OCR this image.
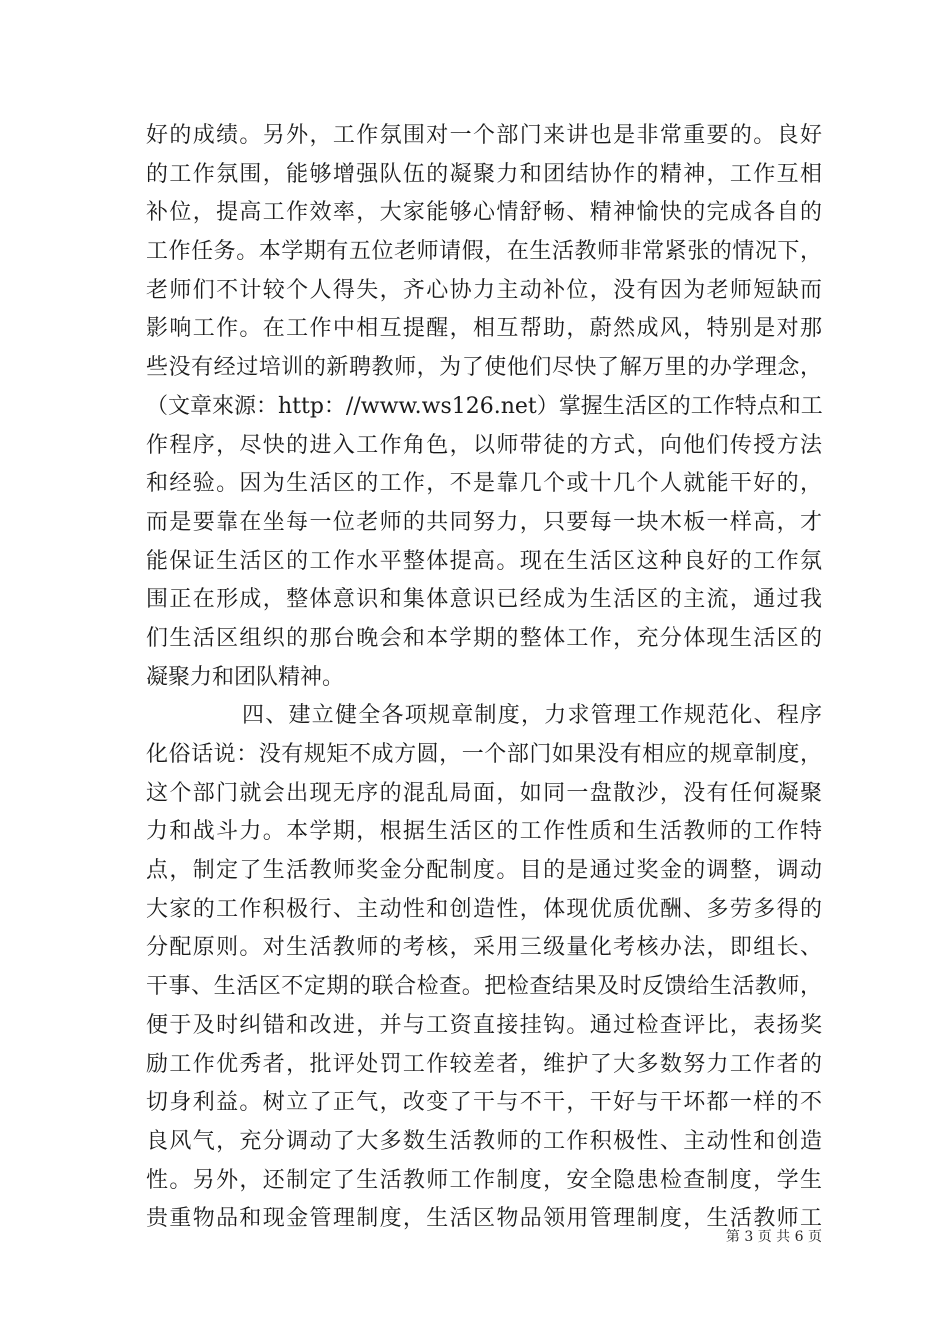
好的成绩。另外，工作氛围对一个部门来讲也是非常重要的。良好
的工作氛围，能够增强队伍的凝聚力和团结协作的精神，工作互相
补位，提高工作效率，大家能够心情舒畅、精神愉快的完成各自的
工作任务。本学期有五位老师请假，在生活教师非常紧张的情况下，
老师们不计较个人得失，齐心协力主动补位，没有因为老师短缺而
影响工作。在工作中相互提醒，相互帮助，蔚然成风，特别是对那
些没有经过培训的新聘教师，为了使他们尽快了解万里的办学理念，
（文章來源：http：//www.ws126.net）掌握生活区的工作特点和工
作程序，尽快的进入工作角色，以师带徒的方式，向他们传授方法
和经验。因为生活区的工作，不是靠几个或十几个人就能干好的，
而是要靠在坐每一位老师的共同努力，只要每一块木板一样高，才
能保证生活区的工作水平整体提高。现在生活区这种良好的工作氛
围正在形成，整体意识和集体意识已经成为生活区的主流，通过我
们生活区组织的那台晚会和本学期的整体工作，充分体现生活区的
凝聚力和团队精神。
四、建立健全各项规章制度，力求管理工作规范化、程序
化俗话说：没有规矩不成方圆，一个部门如果没有相应的规章制度，
这个部门就会出现无序的混乱局面，如同一盘散沙，没有任何凝聚
力和战斗力。本学期，根据生活区的工作性质和生活教师的工作特
点，制定了生活教师奖金分配制度。目的是通过奖金的调整，调动
大家的工作积极行、主动性和创造性，体现优质优酬、多劳多得的
分配原则。对生活教师的考核，采用三级量化考核办法，即组长、
干事、生活区不定期的联合检查。把检查结果及时反馈给生活教师，
便于及时纠错和改进，并与工资直接挂钩。通过检查评比，表扬奖
励工作优秀者，批评处罚工作较差者，维护了大多数努力工作者的
切身利益。树立了正气，改变了干与不干，干好与干坏都一样的不
良风气，充分调动了大多数生活教师的工作积极性、主动性和创造
性。另外，还制定了生活教师工作制度，安全隐患检查制度，学生
贵重物品和现金管理制度，生活区物品领用管理制度，生活教师工
第 3 页 共 6 页
